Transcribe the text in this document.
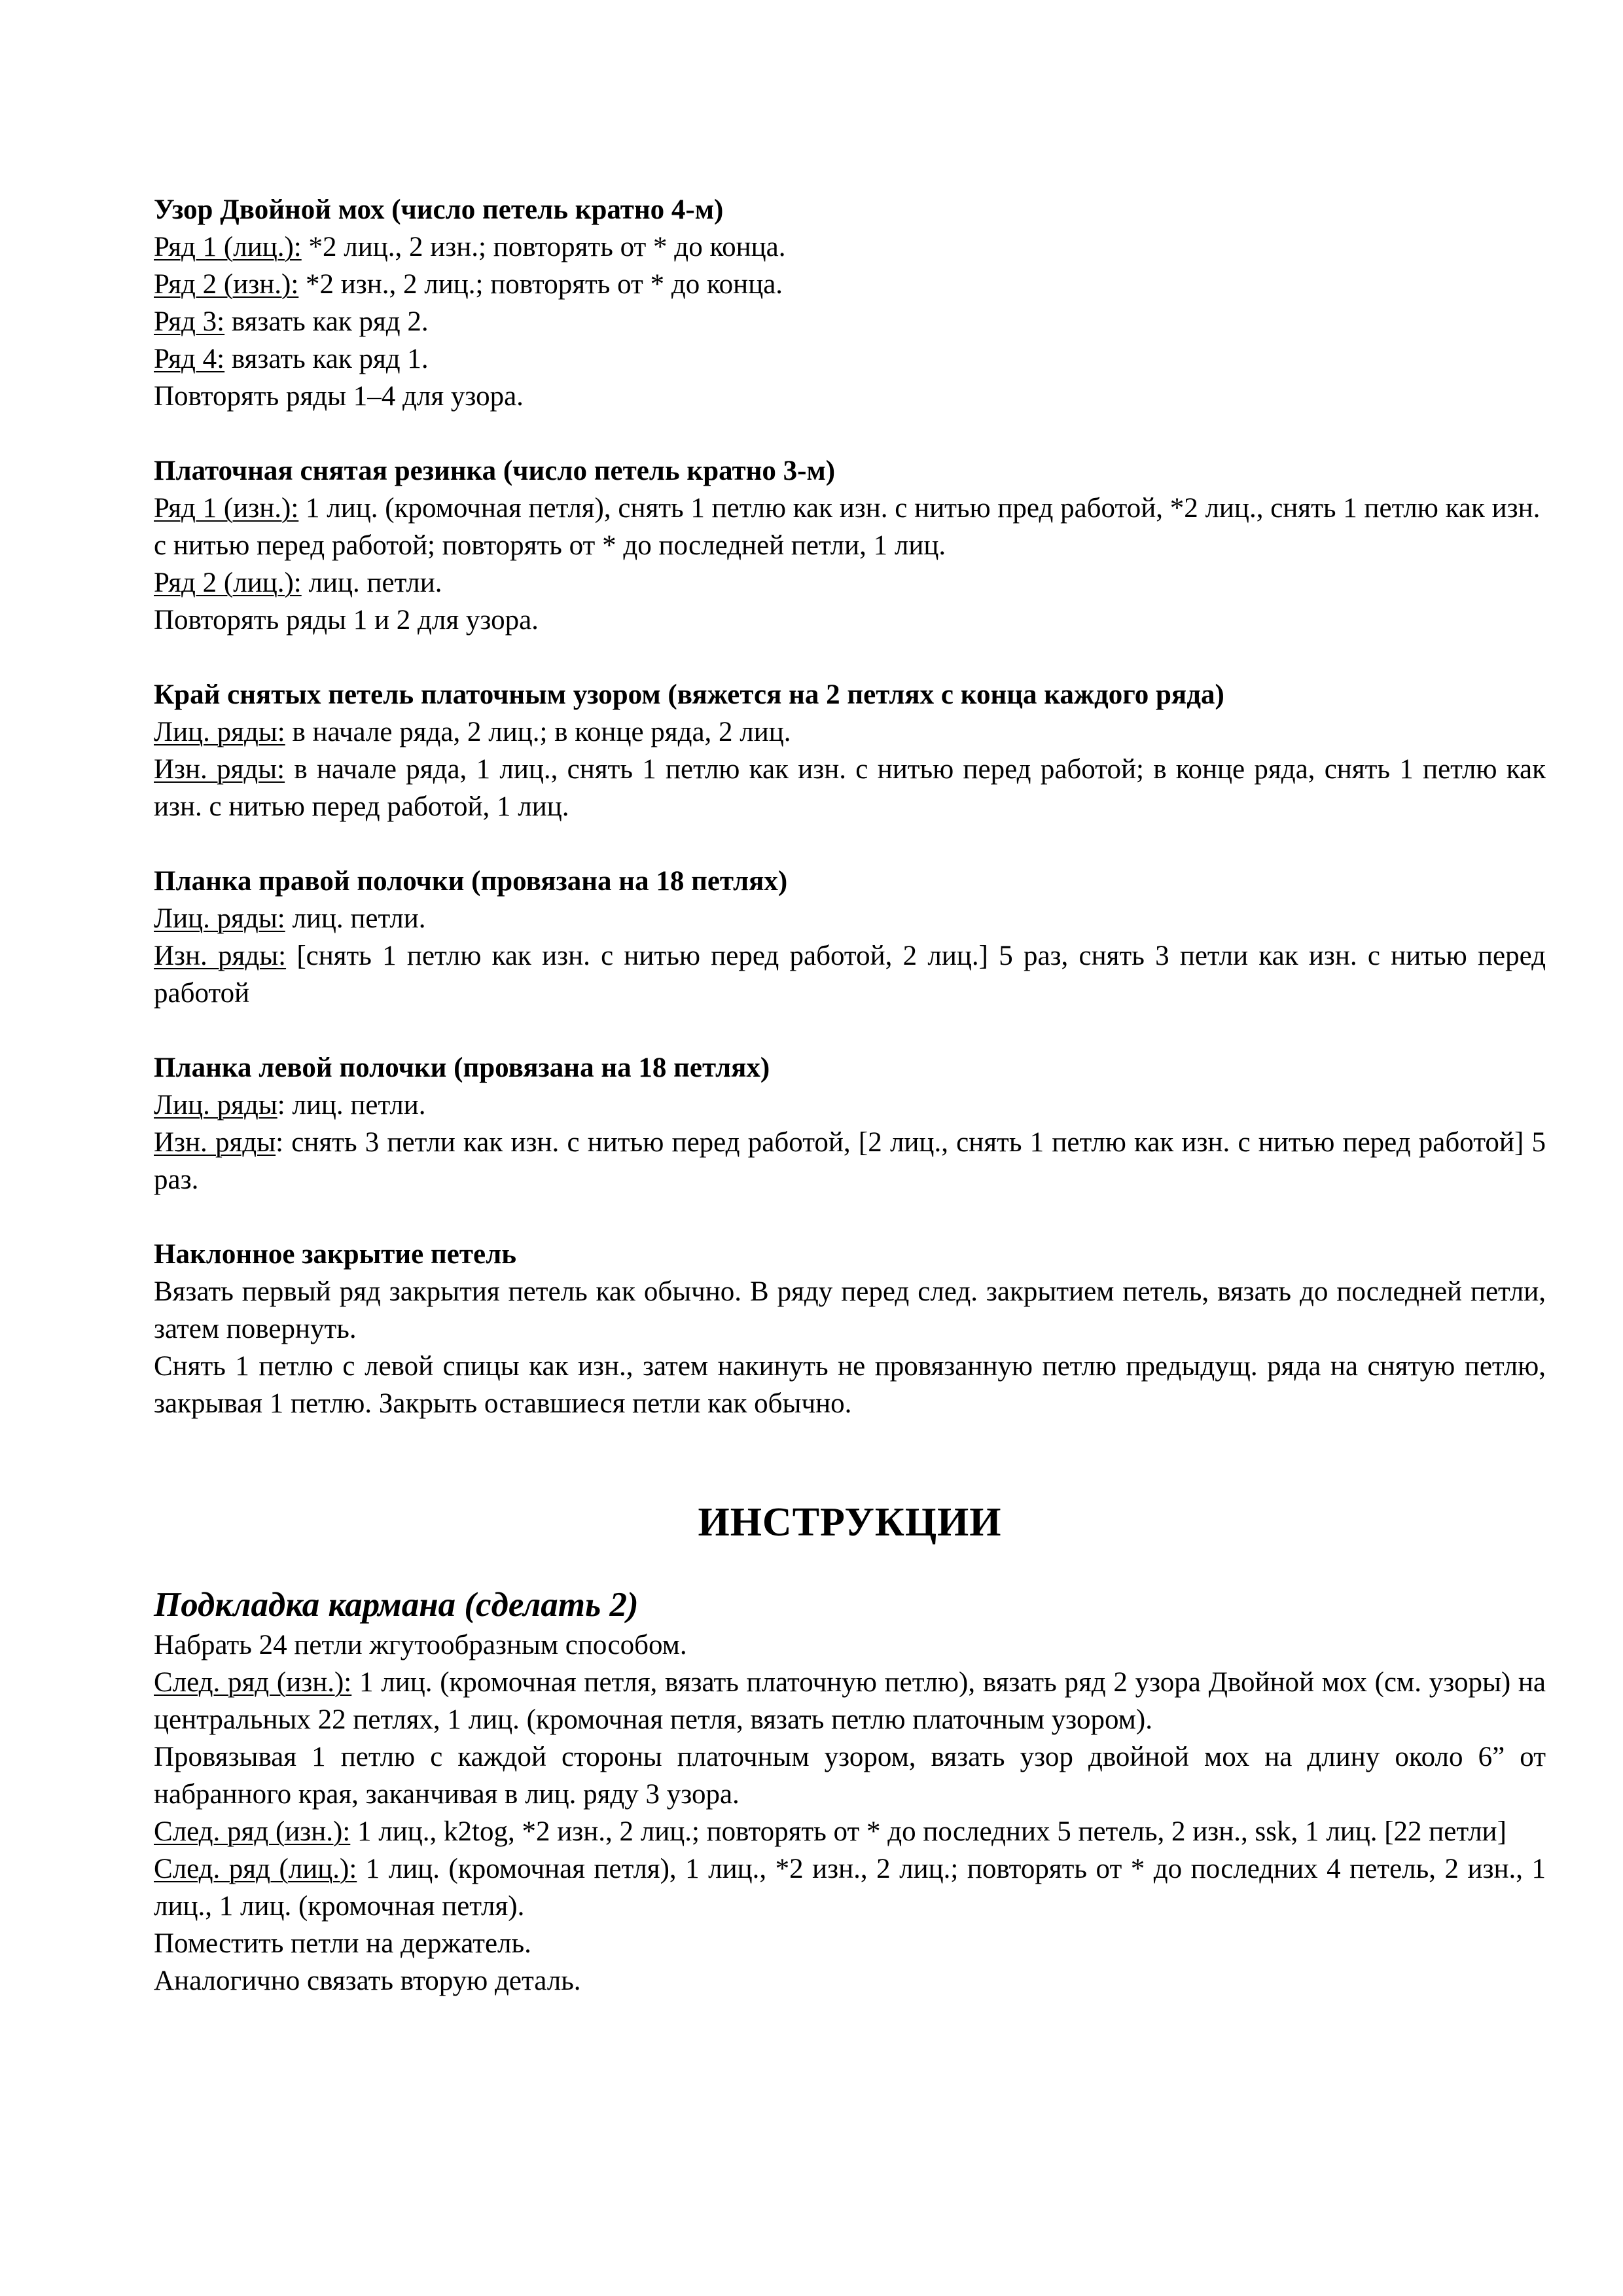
Узор Двойной мох (число петель кратно 4-м)

Ряд 1 (лиц.): *2 лиц., 2 изн.; повторять от * до конца.

Ряд 2 (изн.): *2 изн., 2 лиц.; повторять от * до конца.

Ряд 3: вязать как ряд 2.

Ряд 4: вязать как ряд 1.

Повторять ряды 1–4 для узора.

Платочная снятая резинка (число петель кратно 3-м)

Ряд 1 (изн.): 1 лиц. (кромочная петля), снять 1 петлю как изн. с нитью пред работой, *2 лиц., снять 1 петлю как изн. с нитью перед работой; повторять от * до последней петли, 1 лиц.

Ряд 2 (лиц.): лиц. петли.

Повторять ряды 1 и 2 для узора.

Край снятых петель платочным узором (вяжется на 2 петлях с конца каждого ряда)

Лиц. ряды: в начале ряда, 2 лиц.; в конце ряда, 2 лиц.

Изн. ряды: в начале ряда, 1 лиц., снять 1 петлю как изн. с нитью перед работой; в конце ряда, снять 1 петлю как изн. с нитью перед работой, 1 лиц.

Планка правой полочки (провязана на 18 петлях)

Лиц. ряды: лиц. петли.

Изн. ряды: [снять 1 петлю как изн. с нитью перед работой, 2 лиц.] 5 раз, снять 3 петли как изн. с нитью перед работой

Планка левой полочки (провязана на 18 петлях)

Лиц. ряды: лиц. петли.

Изн. ряды: снять 3 петли как изн. с нитью перед работой, [2 лиц., снять 1 петлю как изн. с нитью перед работой] 5 раз.

Наклонное закрытие петель

Вязать первый ряд закрытия петель как обычно. В ряду перед след. закрытием петель, вязать до последней петли, затем повернуть.

Снять 1 петлю с левой спицы как изн., затем накинуть не провязанную петлю предыдущ. ряда на снятую петлю, закрывая 1 петлю. Закрыть оставшиеся петли как обычно.

ИНСТРУКЦИИ

Подкладка кармана (сделать 2)

Набрать 24 петли жгутообразным способом.

След. ряд (изн.): 1 лиц. (кромочная петля, вязать платочную петлю), вязать ряд 2 узора Двойной мох (см. узоры) на центральных 22 петлях, 1 лиц. (кромочная петля, вязать петлю платочным узором).

Провязывая 1 петлю с каждой стороны платочным узором, вязать узор двойной мох на длину около 6” от набранного края, заканчивая в лиц. ряду 3 узора.

След. ряд (изн.): 1 лиц., k2tog, *2 изн., 2 лиц.; повторять от * до последних 5 петель, 2 изн., ssk, 1 лиц. [22 петли]

След. ряд (лиц.): 1 лиц. (кромочная петля), 1 лиц., *2 изн., 2 лиц.; повторять от * до последних 4 петель, 2 изн., 1 лиц., 1 лиц. (кромочная петля).

Поместить петли на держатель.

Аналогично связать вторую деталь.
